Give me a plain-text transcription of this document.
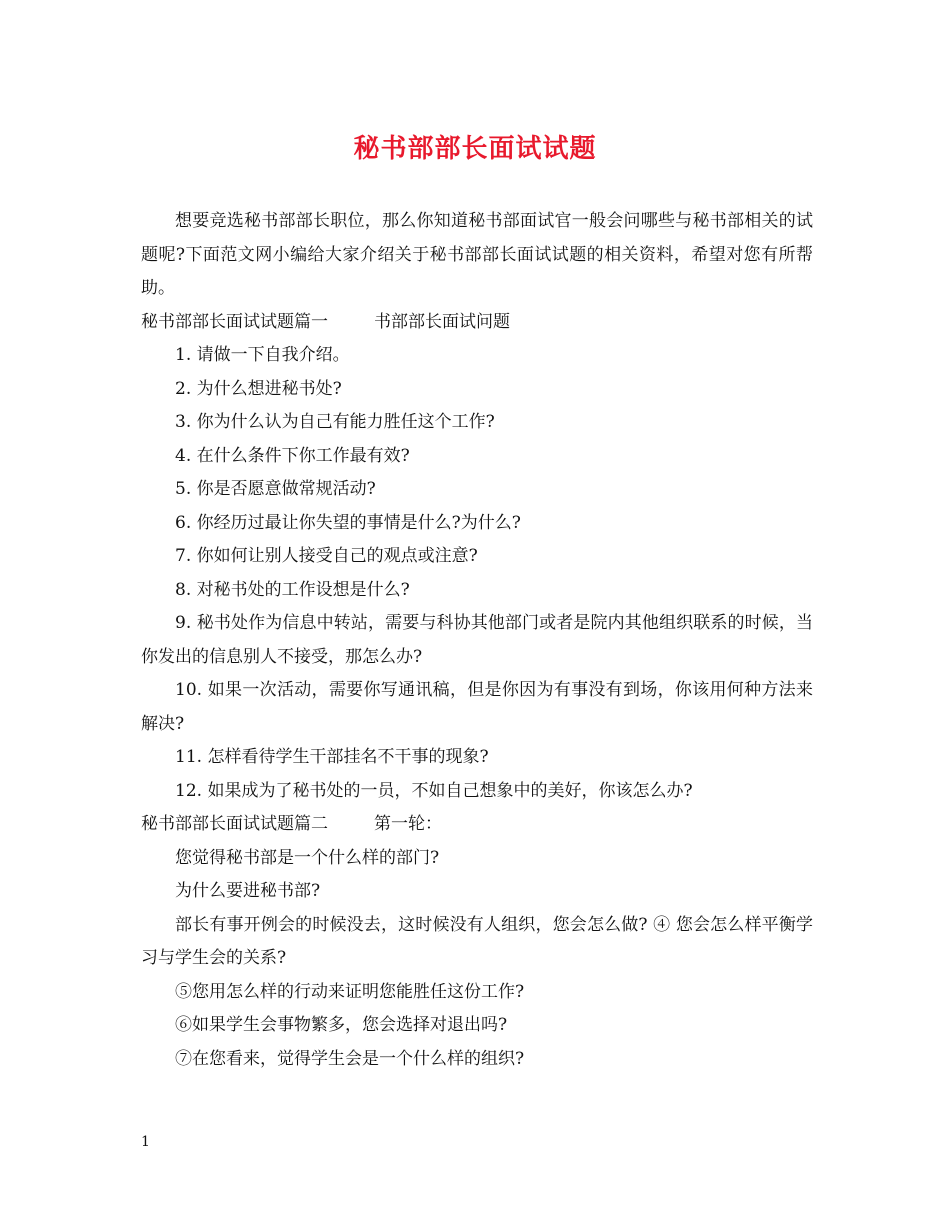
秘书部部长面试试题

想要竞选秘书部部长职位，那么你知道秘书部面试官一般会问哪些与秘书部相关的试题呢?下面范文网小编给大家介绍关于秘书部部长面试试题的相关资料，希望对您有所帮助。

秘书部部长面试试题篇一	书部部长面试问题

1. 请做一下自我介绍。

2. 为什么想进秘书处?

3. 你为什么认为自己有能力胜任这个工作?

4. 在什么条件下你工作最有效?

5. 你是否愿意做常规活动?

6. 你经历过最让你失望的事情是什么?为什么?

7. 你如何让别人接受自己的观点或注意?

8. 对秘书处的工作设想是什么?

9. 秘书处作为信息中转站，需要与科协其他部门或者是院内其他组织联系的时候，当你发出的信息别人不接受，那怎么办?

10. 如果一次活动，需要你写通讯稿，但是你因为有事没有到场，你该用何种方法来解决?

11. 怎样看待学生干部挂名不干事的现象?

12. 如果成为了秘书处的一员，不如自己想象中的美好，你该怎么办?

秘书部部长面试试题篇二	第一轮：

您觉得秘书部是一个什么样的部门?

为什么要进秘书部?

部长有事开例会的时候没去，这时候没有人组织，您会怎么做? ④ 您会怎么样平衡学习与学生会的关系?

⑤您用怎么样的行动来证明您能胜任这份工作?

⑥如果学生会事物繁多，您会选择对退出吗?

⑦在您看来，觉得学生会是一个什么样的组织?

1
